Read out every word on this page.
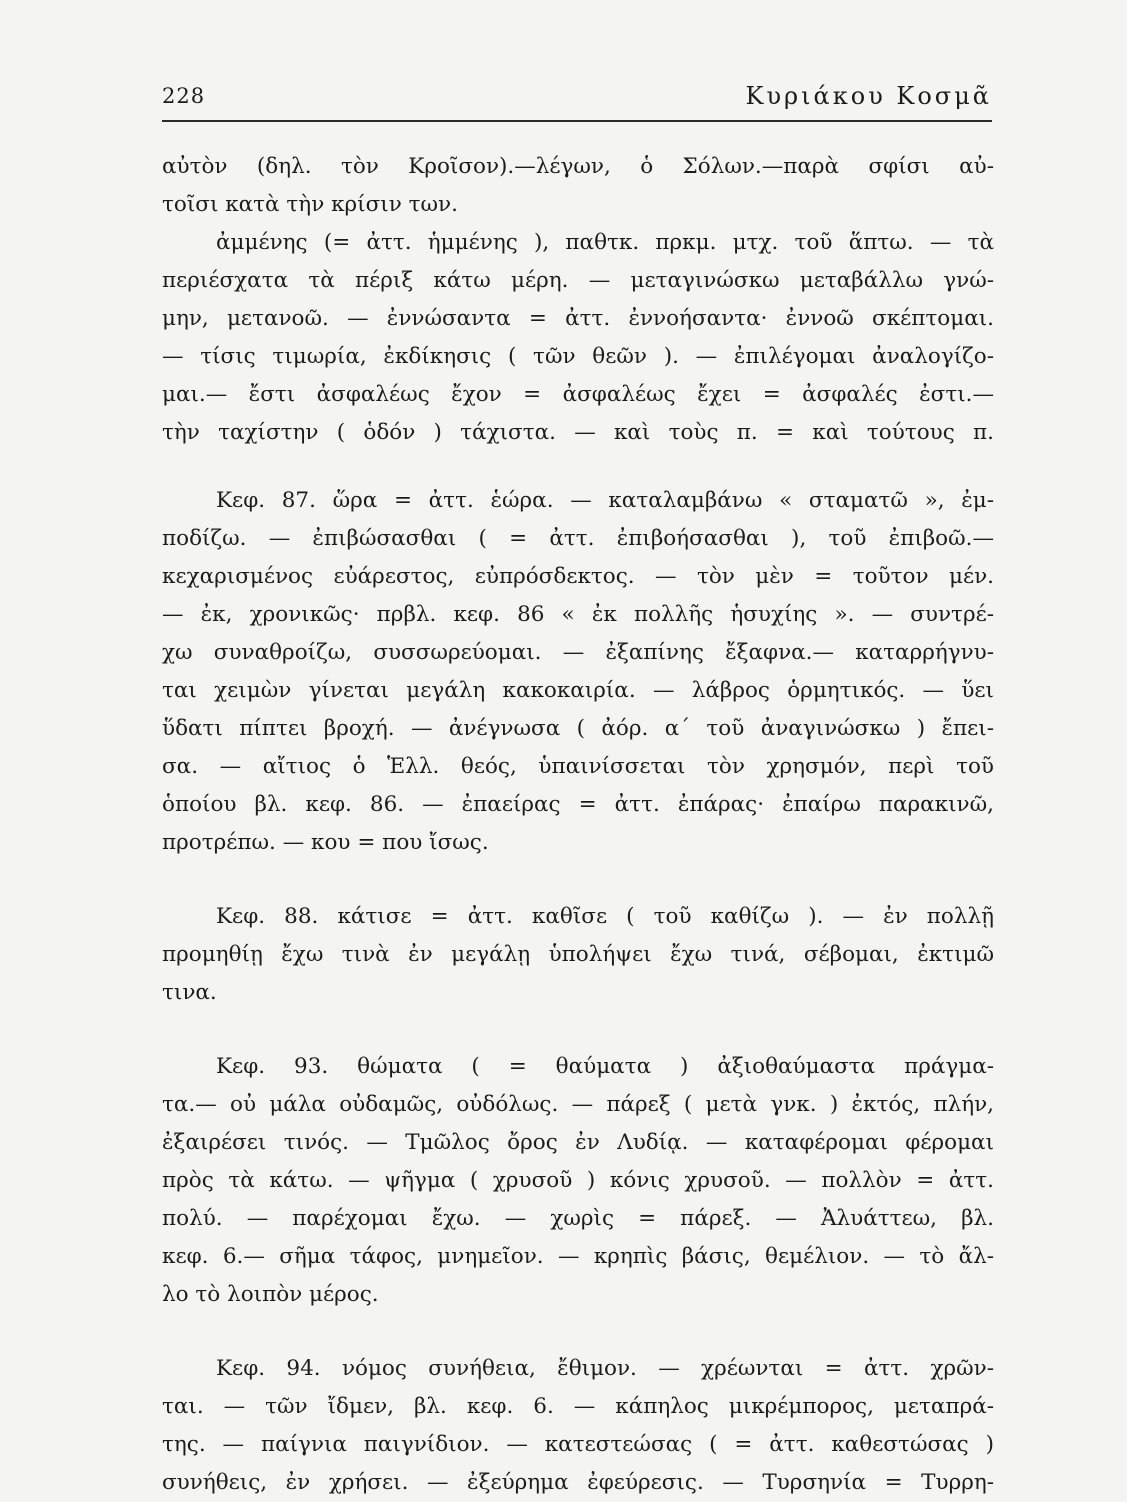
228	Κυριάκου Κοσμᾶ
αὐτὸν (δηλ. τὸν Κροῖσον).—λέγων, ὁ Σόλων.—παρὰ σφίσι αὐ-
τοῖσι κατὰ τὴν κρίσιν των.
ἀμμένης (= ἀττ. ἡμμένης ), παθτκ. πρκμ. μτχ. τοῦ ἅπτω. — τὰ
περιέσχατα τὰ πέριξ κάτω μέρη. — μεταγινώσκω μεταβάλλω γνώ-
μην, μετανοῶ. — ἐννώσαντα = ἀττ. ἐννοήσαντα· ἐννοῶ σκέπτομαι.
— τίσις τιμωρία, ἐκδίκησις ( τῶν θεῶν ). — ἐπιλέγομαι ἀναλογίζο-
μαι.— ἔστι ἀσφαλέως ἔχον = ἀσφαλέως ἔχει = ἀσφαλές ἐστι.—
τὴν ταχίστην ( ὁδόν ) τάχιστα. — καὶ τοὺς π. = καὶ τούτους π.
Κεφ. 87. ὥρα = ἀττ. ἑώρα. — καταλαμβάνω « σταματῶ », ἐμ-
ποδίζω. — ἐπιβώσασθαι ( = ἀττ. ἐπιβοήσασθαι ), τοῦ ἐπιβοῶ.—
κεχαρισμένος εὐάρεστος, εὐπρόσδεκτος. — τὸν μὲν = τοῦτον μέν.
— ἐκ, χρονικῶς· πρβλ. κεφ. 86 « ἐκ πολλῆς ἡσυχίης ». — συντρέ-
χω συναθροίζω, συσσωρεύομαι. — ἐξαπίνης ἔξαφνα.— καταρρήγνυ-
ται χειμὼν γίνεται μεγάλη κακοκαιρία. — λάβρος ὁρμητικός. — ὕει
ὕδατι πίπτει βροχή. — ἀνέγνωσα ( ἀόρ. α΄ τοῦ ἀναγινώσκω ) ἔπει-
σα. — αἴτιος ὁ Ἑλλ. θεός, ὑπαινίσσεται τὸν χρησμόν, περὶ τοῦ
ὁποίου βλ. κεφ. 86. — ἐπαείρας = ἀττ. ἐπάρας· ἐπαίρω παρακινῶ,
προτρέπω. — κου = που ἴσως.
Κεφ. 88. κάτισε = ἀττ. καθῖσε ( τοῦ καθίζω ). — ἐν πολλῇ
προμηθίῃ ἔχω τινὰ ἐν μεγάλῃ ὑπολήψει ἔχω τινά, σέβομαι, ἐκτιμῶ
τινα.
Κεφ. 93. θώματα ( = θαύματα ) ἀξιοθαύμαστα πράγμα-
τα.— οὐ μάλα οὐδαμῶς, οὐδόλως. — πάρεξ ( μετὰ γνκ. ) ἐκτός, πλήν,
ἐξαιρέσει τινός. — Τμῶλος ὄρος ἐν Λυδίᾳ. — καταφέρομαι φέρομαι
πρὸς τὰ κάτω. — ψῆγμα ( χρυσοῦ ) κόνις χρυσοῦ. — πολλὸν = ἀττ.
πολύ. — παρέχομαι ἔχω. — χωρὶς = πάρεξ. — Ἀλυάττεω, βλ.
κεφ. 6.— σῆμα τάφος, μνημεῖον. — κρηπὶς βάσις, θεμέλιον. — τὸ ἄλ-
λο τὸ λοιπὸν μέρος.
Κεφ. 94. νόμος συνήθεια, ἔθιμον. — χρέωνται = ἀττ. χρῶν-
ται. — τῶν ἴδμεν, βλ. κεφ. 6. — κάπηλος μικρέμπορος, μεταπρά-
της. — παίγνια παιγνίδιον. — κατεστεώσας ( = ἀττ. καθεστώσας )
συνήθεις, ἐν χρήσει. — ἐξεύρημα ἐφεύρεσις. — Τυρσηνία = Τυρρη-
